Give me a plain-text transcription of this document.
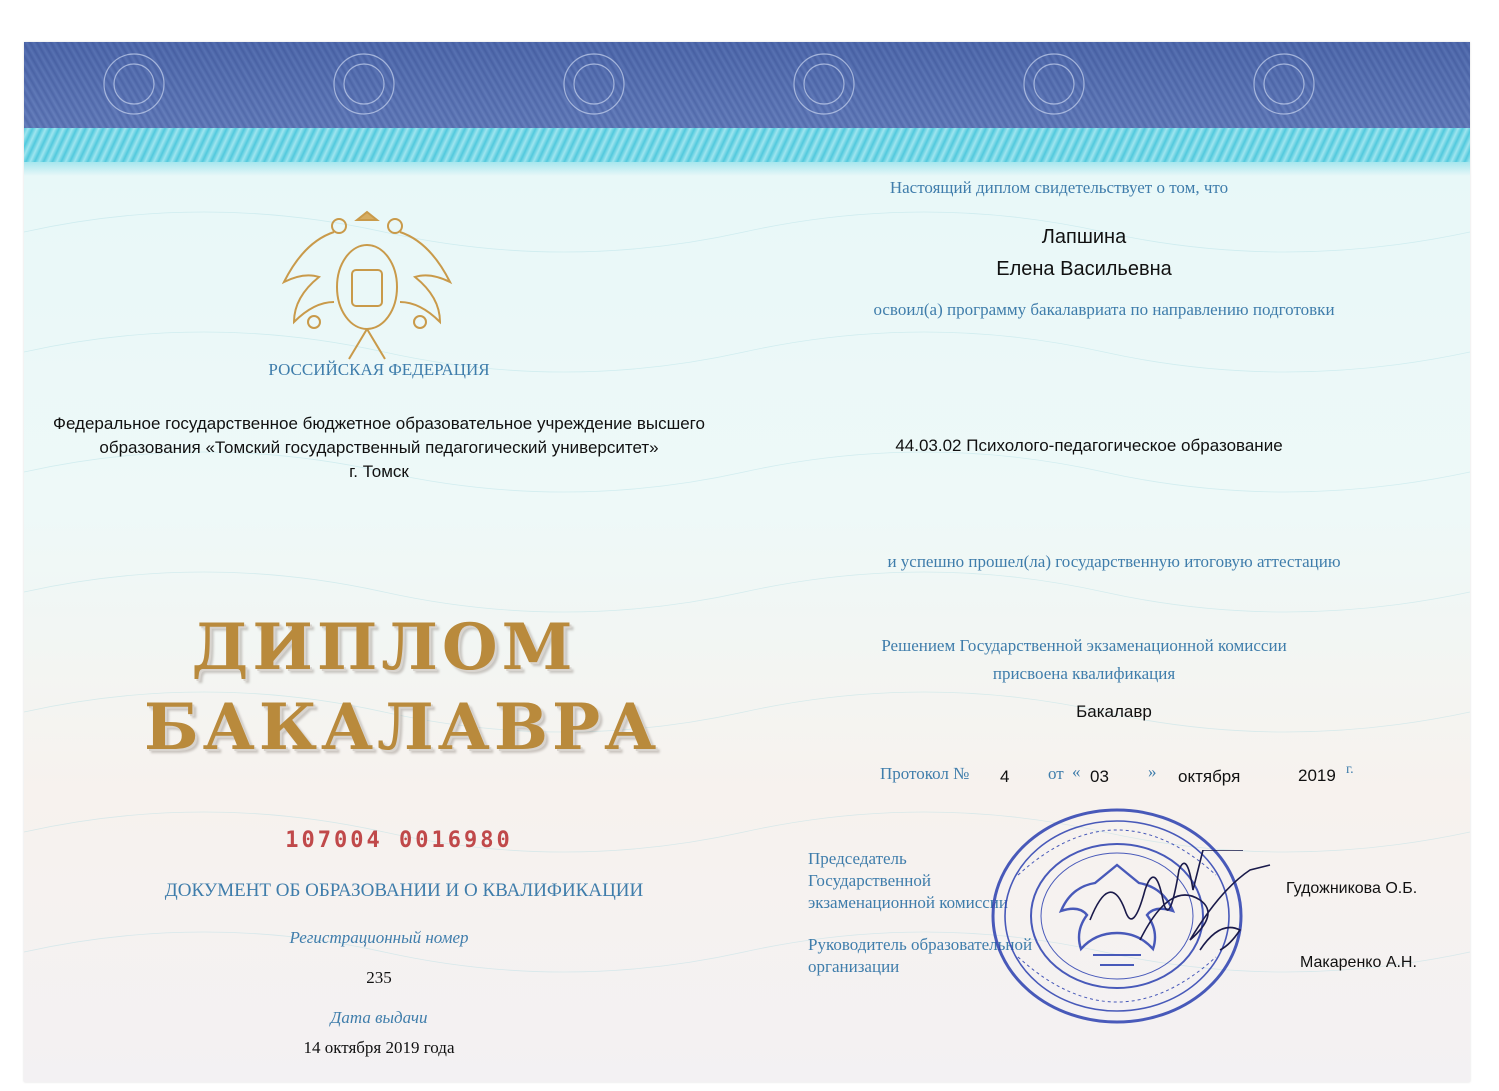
РОССИЙСКАЯ ФЕДЕРАЦИЯ
Федеральное государственное бюджетное образовательное учреждение высшего
образования «Томский государственный педагогический университет»
г. Томск
ДИПЛОМ
БАКАЛАВРА
107004 0016980
ДОКУМЕНТ ОБ ОБРАЗОВАНИИ И О КВАЛИФИКАЦИИ
Регистрационный номер
235
Дата выдачи
14 октября 2019 года
Настоящий диплом свидетельствует о том, что
Лапшина
Елена Васильевна
освоил(а) программу бакалавриата по направлению подготовки
44.03.02 Психолого-педагогическое образование
и успешно прошел(ла) государственную итоговую аттестацию
Решением Государственной экзаменационной комиссии
присвоена квалификация
Бакалавр
Протокол № 4 от « 03 » октября	2019 г.
Председатель
Государственной
экзаменационной комиссии
Гудожникова О.Б.
Руководитель образовательной
организации	Макаренко А.Н.
